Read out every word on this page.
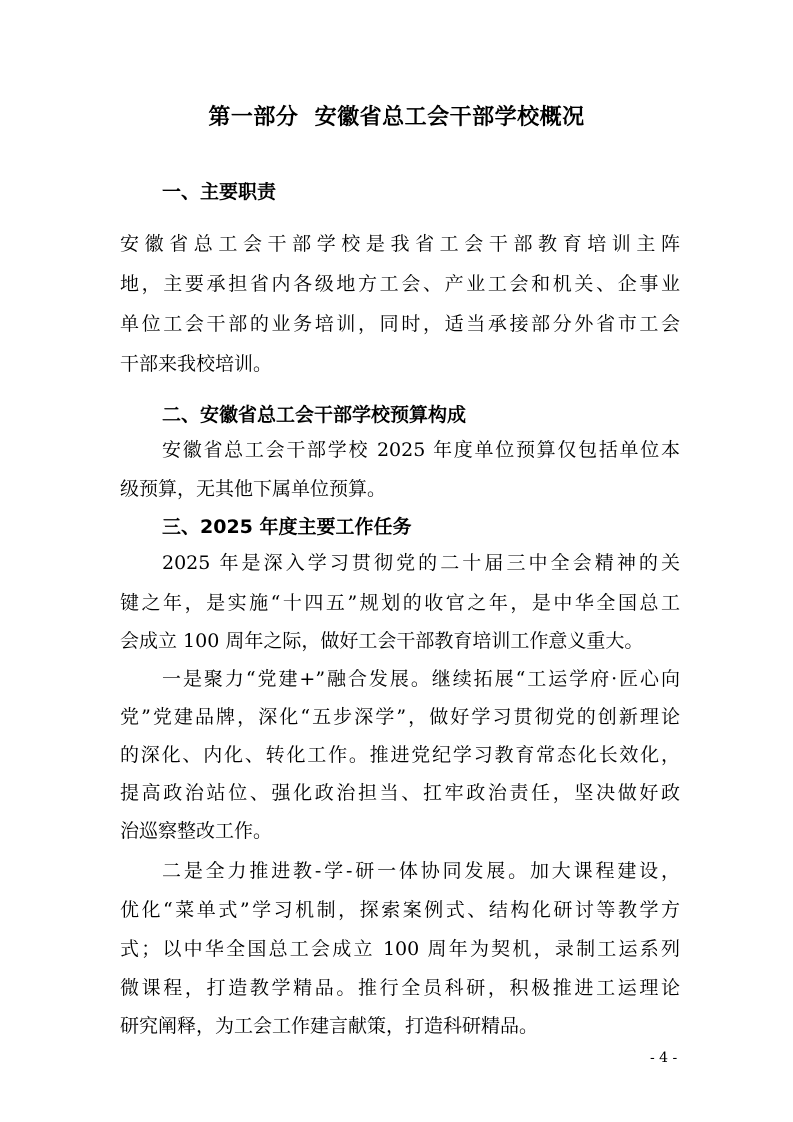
第一部分  安徽省总工会干部学校概况
一、主要职责
安徽省总工会干部学校是我省工会干部教育培训主阵
地，主要承担省内各级地方工会、产业工会和机关、企事业
单位工会干部的业务培训，同时，适当承接部分外省市工会
干部来我校培训。
二、安徽省总工会干部学校预算构成
安徽省总工会干部学校 2025 年度单位预算仅包括单位本
级预算，无其他下属单位预算。
三、2025 年度主要工作任务
2025 年是深入学习贯彻党的二十届三中全会精神的关
键之年，是实施“十四五”规划的收官之年，是中华全国总工
会成立 100 周年之际，做好工会干部教育培训工作意义重大。
一是聚力“党建+”融合发展。继续拓展“工运学府·匠心向
党”党建品牌，深化“五步深学”，做好学习贯彻党的创新理论
的深化、内化、转化工作。推进党纪学习教育常态化长效化，
提高政治站位、强化政治担当、扛牢政治责任，坚决做好政
治巡察整改工作。
二是全力推进教-学-研一体协同发展。加大课程建设，
优化“菜单式”学习机制，探索案例式、结构化研讨等教学方
式；以中华全国总工会成立 100 周年为契机，录制工运系列
微课程，打造教学精品。推行全员科研，积极推进工运理论
研究阐释，为工会工作建言献策，打造科研精品。
- 4 -
